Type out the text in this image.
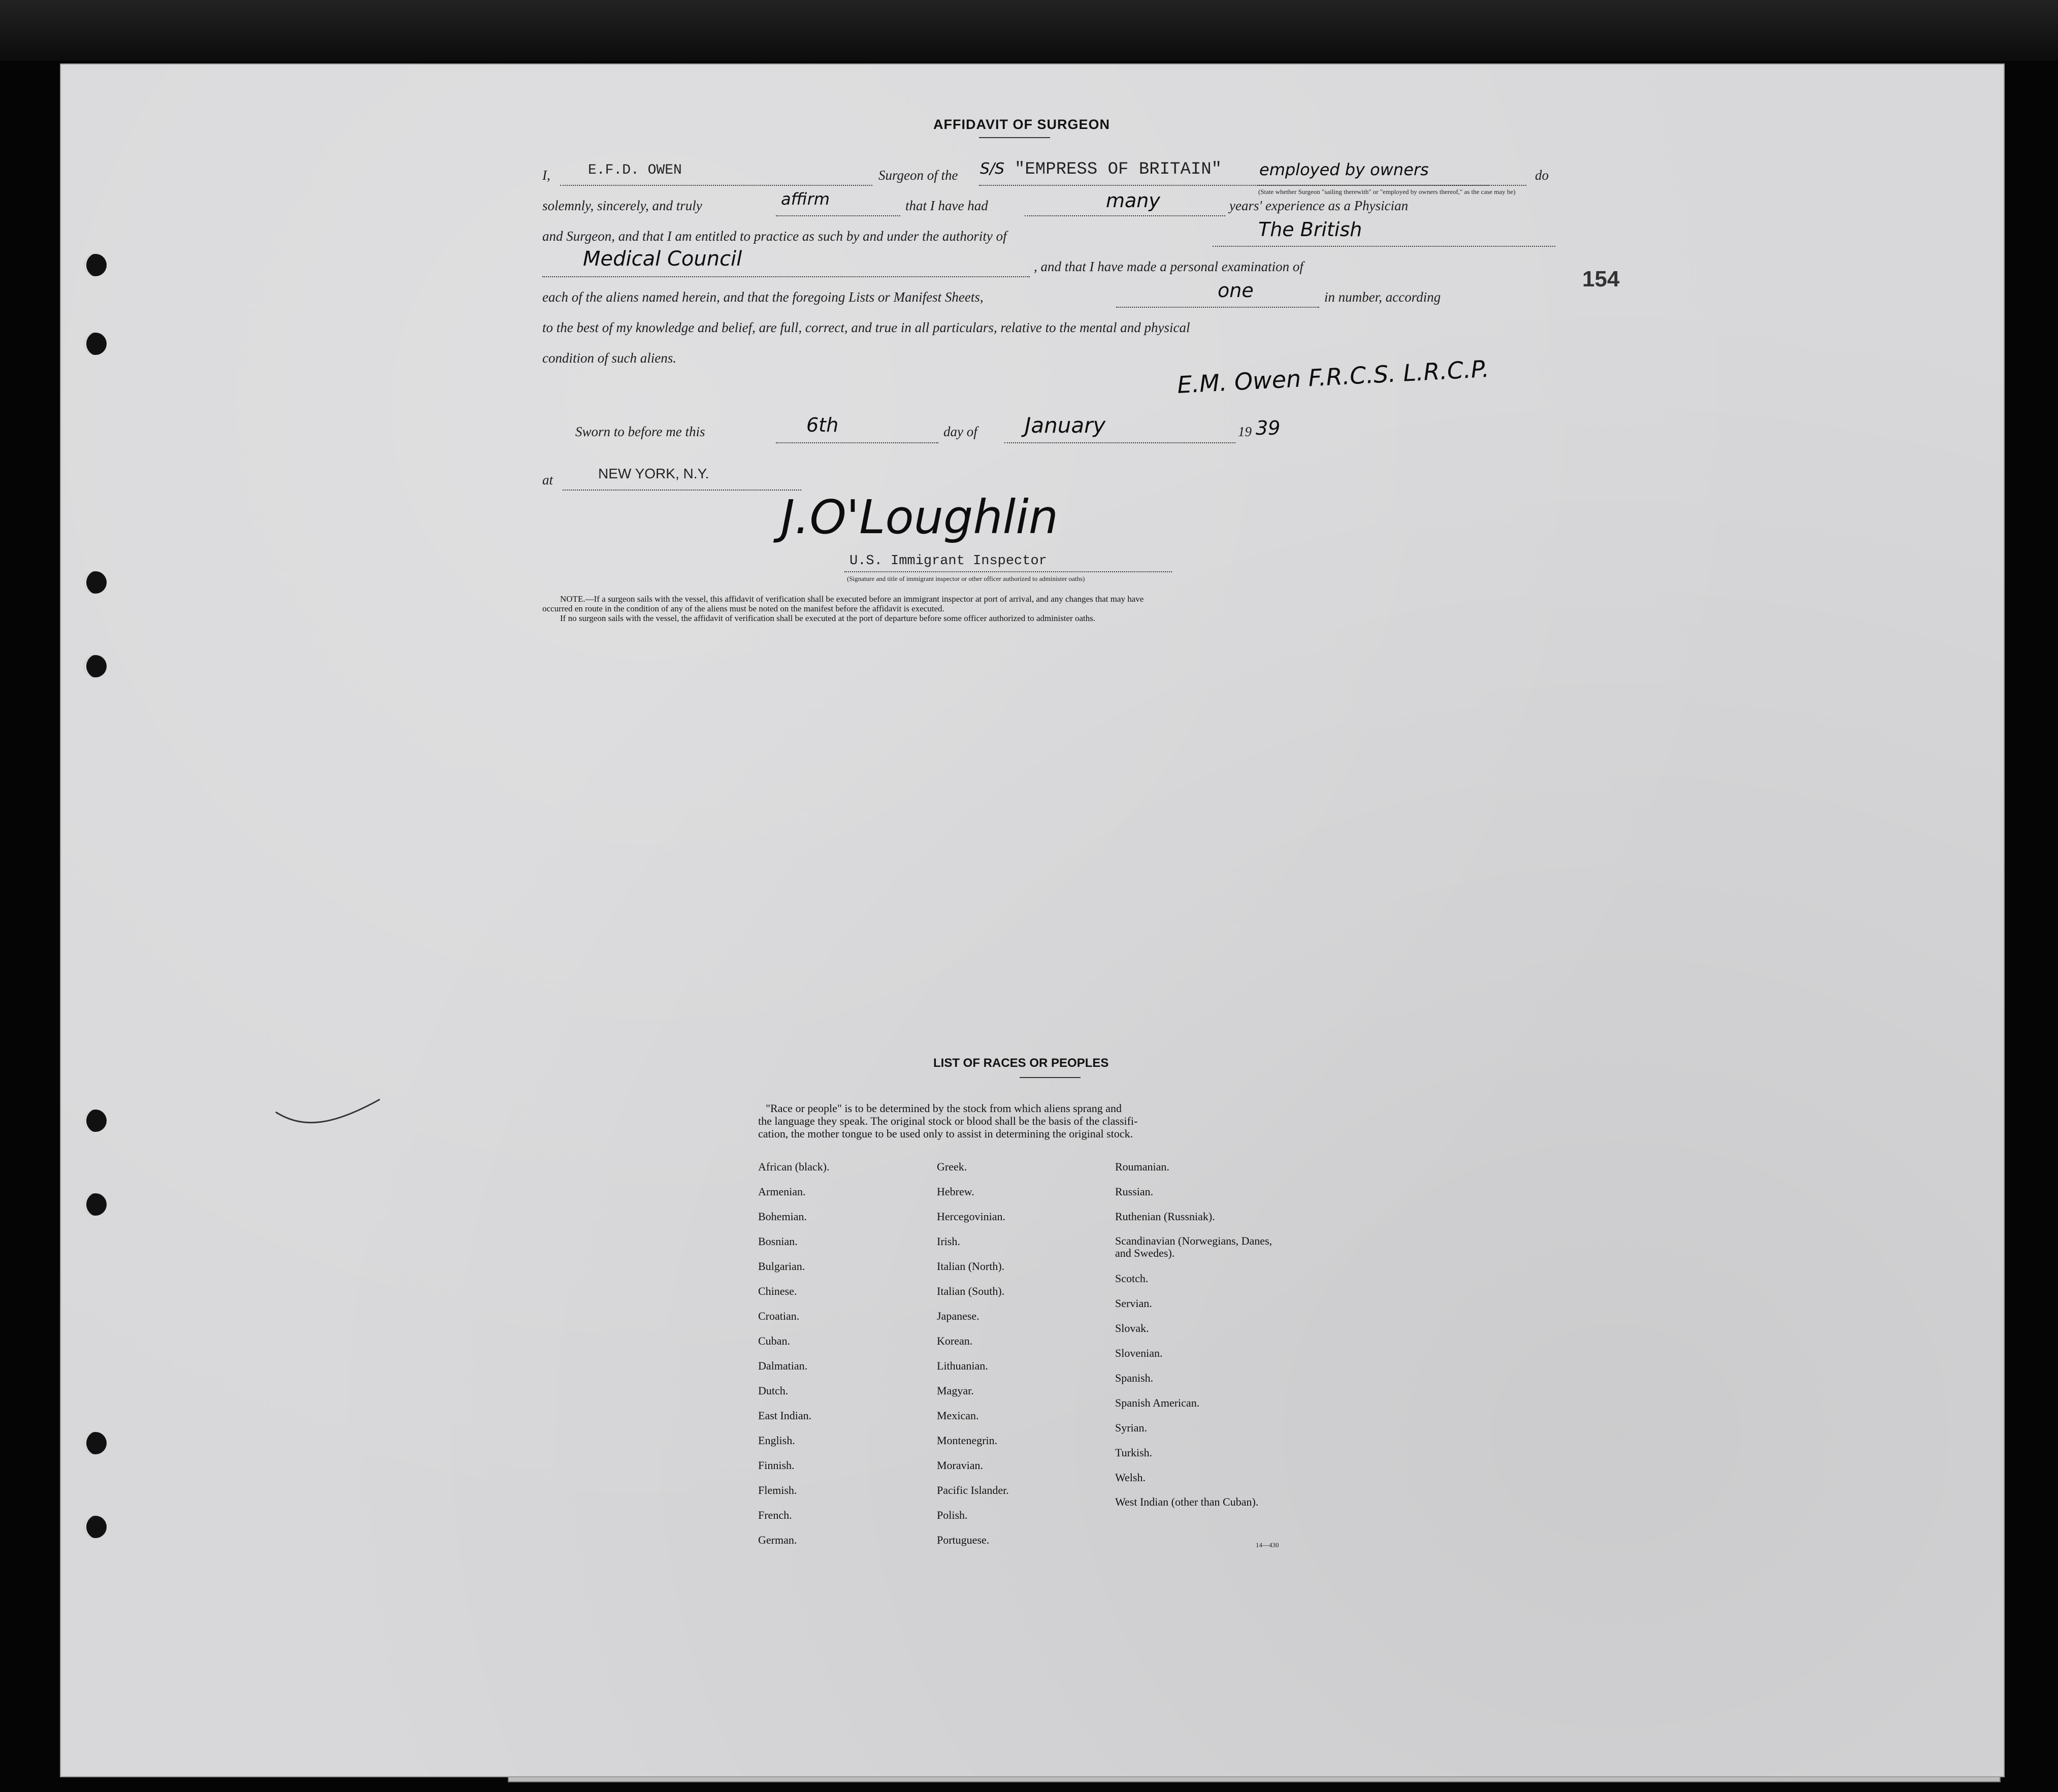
154
AFFIDAVIT OF SURGEON
I,	E.F.D. OWEN	Surgeon of the S/S "EMPRESS OF BRITAIN" employed by owners
(State whether Surgeon "sailing therewith" or "employed by owners thereof," as the case may be)
do
solemnly, sincerely, and truly	affirm	that I have had	many	years' experience as a Physician
and Surgeon, and that I am entitled to practice as such by and under the authority of	The British
Medical Council	, and that I have made a personal examination of
each of the aliens named herein, and that the foregoing Lists or Manifest Sheets,	one	in number, according
to the best of my knowledge and belief, are full, correct, and true in all particulars, relative to the mental and physical
condition of such aliens.	E.M. Owen F.R.C.S. L.R.C.P.
Sworn to before me this	6th	day of January	19 39
at	NEW YORK, N.Y.
J.O'Loughlin
U.S. Immigrant Inspector
(Signature and title of immigrant inspector or other officer authorized to administer oaths)
NOTE.—If a surgeon sails with the vessel, this affidavit of verification shall be executed before an immigrant inspector at port of arrival, and any changes that may have
occurred en route in the condition of any of the aliens must be noted on the manifest before the affidavit is executed.
If no surgeon sails with the vessel, the affidavit of verification shall be executed at the port of departure before some officer authorized to administer oaths.
LIST OF RACES OR PEOPLES
"Race or people" is to be determined by the stock from which aliens sprang and
the language they speak. The original stock or blood shall be the basis of the classifi-
cation, the mother tongue to be used only to assist in determining the original stock.
African (black).
Armenian.
Bohemian.
Bosnian.
Bulgarian.
Chinese.
Croatian.
Cuban.
Dalmatian.
Dutch.
East Indian.
English.
Finnish.
Flemish.
French.
German.
Greek.
Hebrew.
Hercegovinian.
Irish.
Italian (North).
Italian (South).
Japanese.
Korean.
Lithuanian.
Magyar.
Mexican.
Montenegrin.
Moravian.
Pacific Islander.
Polish.
Portuguese.
Roumanian.
Russian.
Ruthenian (Russniak).
Scandinavian (Norwegians, Danes, and Swedes).
Scotch.
Servian.
Slovak.
Slovenian.
Spanish.
Spanish American.
Syrian.
Turkish.
Welsh.
West Indian (other than Cuban).
14—430
